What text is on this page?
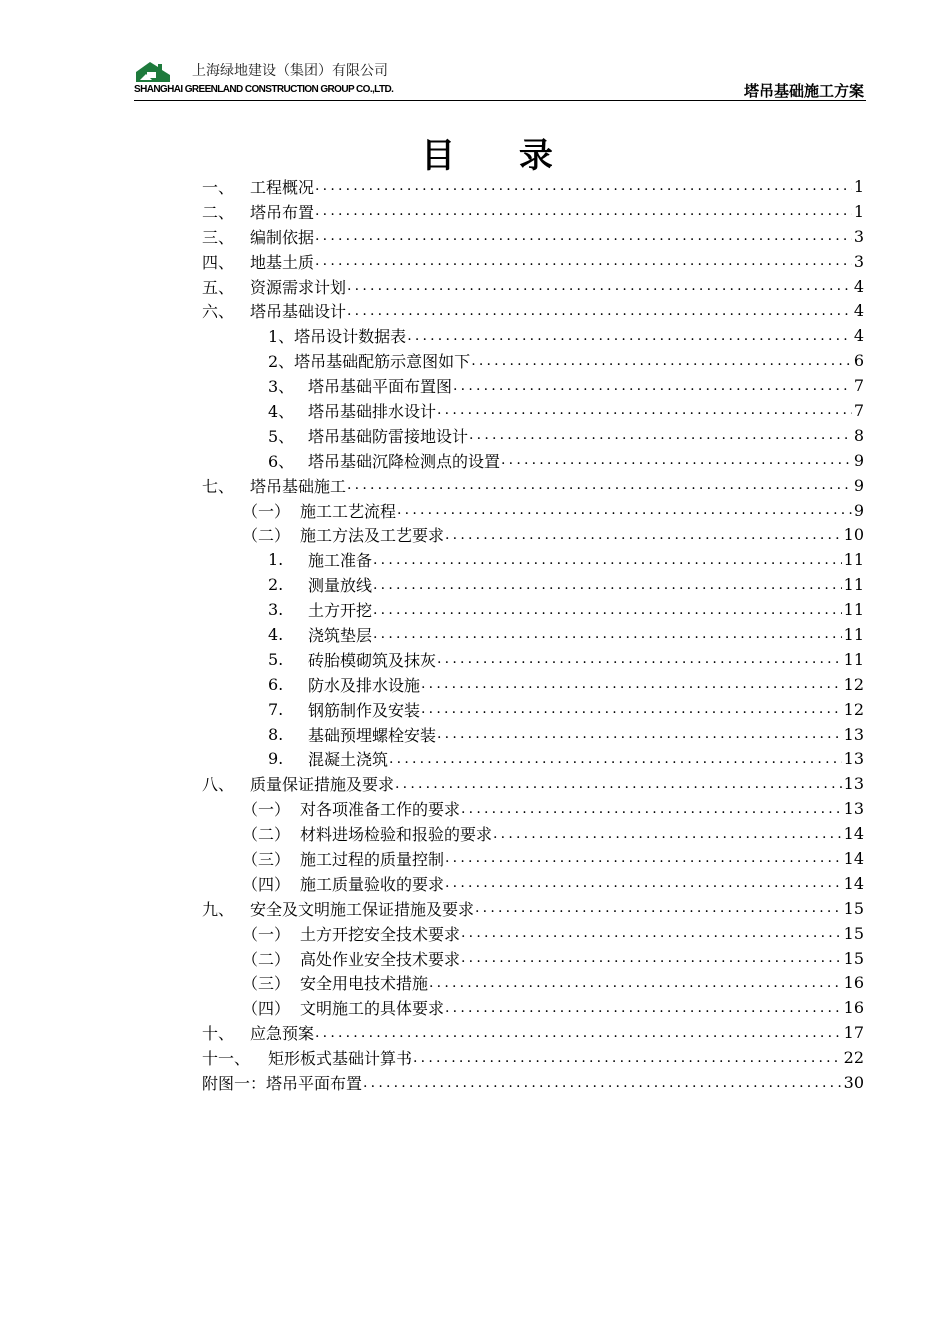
上海绿地建设（集团）有限公司
SHANGHAI GREENLAND CONSTRUCTION GROUP CO.,LTD.	塔吊基础施工方案
目 录
一、 工程概况 .....	1
二、 塔吊布置 .....	1
三、 编制依据 .....	3
四、 地基土质 .....	3
五、 资源需求计划 .....	4
六、 塔吊基础设计 .....	4
1、塔吊设计数据表 .....	4
2、塔吊基础配筋示意图如下 .....	6
3、 塔吊基础平面布置图 .....	7
4、 塔吊基础排水设计 .....	7
5、 塔吊基础防雷接地设计 .....	8
6、 塔吊基础沉降检测点的设置 .....	9
七、 塔吊基础施工 .....	9
（一） 施工工艺流程 .....	9
（二） 施工方法及工艺要求 .....	10
1.	施工准备 .....	11
2.	测量放线 .....	11
3.	土方开挖 .....	11
4.	浇筑垫层 .....	11
5.	砖胎模砌筑及抹灰 .....	11
6.	防水及排水设施 .....	12
7.	钢筋制作及安装 .....	12
8.	基础预埋螺栓安装 .....	13
9.	混凝土浇筑 .....	13
八、 质量保证措施及要求 .....	13
（一） 对各项准备工作的要求 .....	13
（二） 材料进场检验和报验的要求 .....	14
（三） 施工过程的质量控制 .....	14
（四） 施工质量验收的要求 .....	14
九、 安全及文明施工保证措施及要求 .....	15
（一） 土方开挖安全技术要求 .....	15
（二） 高处作业安全技术要求 .....	15
（三） 安全用电技术措施 .....	16
（四） 文明施工的具体要求 .....	16
十、 应急预案 .....	17
十一、	矩形板式基础计算书 .....	22
附图一：塔吊平面布置 .....	30
